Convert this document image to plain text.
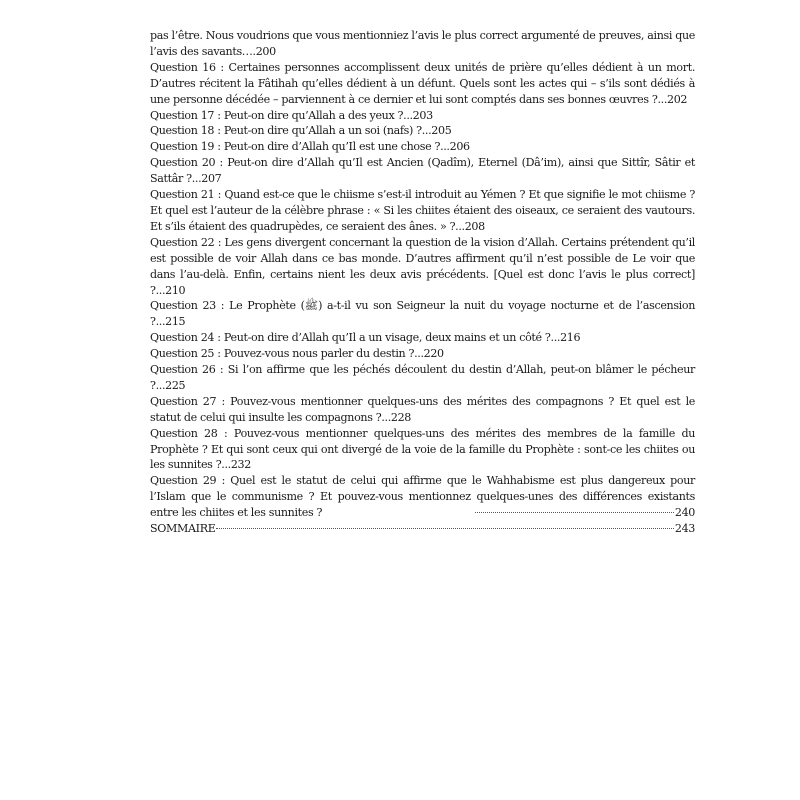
pas l’être. Nous voudrions que vous mentionniez l’avis le plus correct argumenté de preuves, ainsi que l’avis des savants….200

Question 16 : Certaines personnes accomplissent deux unités de prière qu’elles dédient à un mort. D’autres récitent la Fâtihah qu’elles dédient à un défunt. Quels sont les actes qui – s’ils sont dédiés à une personne décédée – parviennent à ce dernier et lui sont comptés dans ses bonnes œuvres ?...202

Question 17 : Peut-on dire qu’Allah a des yeux ?...203

Question 18 : Peut-on dire qu’Allah a un soi (nafs) ?...205

Question 19 : Peut-on dire d’Allah qu’Il est une chose ?...206

Question 20 : Peut-on dire d’Allah qu’Il est Ancien (Qadîm), Eternel (Dâ’im), ainsi que Sittîr, Sâtir et Sattâr ?...207

Question 21 : Quand est-ce que le chiisme s’est-il introduit au Yémen ? Et que signifie le mot chiisme ? Et quel est l’auteur de la célèbre phrase : « Si les chiites étaient des oiseaux, ce seraient des vautours. Et s’ils étaient des quadrupèdes, ce seraient des ânes. » ?...208

Question 22 : Les gens divergent concernant la question de la vision d’Allah. Certains prétendent qu’il est possible de voir Allah dans ce bas monde. D’autres affirment qu’il n’est possible de Le voir que dans l’au-delà. Enfin, certains nient les deux avis précédents. [Quel est donc l’avis le plus correct] ?...210

Question 23 : Le Prophète (ﷺ) a-t-il vu son Seigneur la nuit du voyage nocturne et de l’ascension ?...215

Question 24 : Peut-on dire d’Allah qu’Il a un visage, deux mains et un côté ?...216

Question 25 : Pouvez-vous nous parler du destin ?...220

Question 26 : Si l’on affirme que les péchés découlent du destin d’Allah, peut-on blâmer le pécheur ?...225

Question 27 : Pouvez-vous mentionner quelques-uns des mérites des compagnons ? Et quel est le statut de celui qui insulte les compagnons ?...228

Question 28 : Pouvez-vous mentionner quelques-uns des mérites des membres de la famille du Prophète ? Et qui sont ceux qui ont divergé de la voie de la famille du Prophète : sont-ce les chiites ou les sunnites ?...232

Question 29 : Quel est le statut de celui qui affirme que le Wahhabisme est plus dangereux pour l’Islam que le communisme ? Et pouvez-vous mentionnez quelques-unes des différences existants entre les chiites et les sunnites ?	240
SOMMAIRE	243
